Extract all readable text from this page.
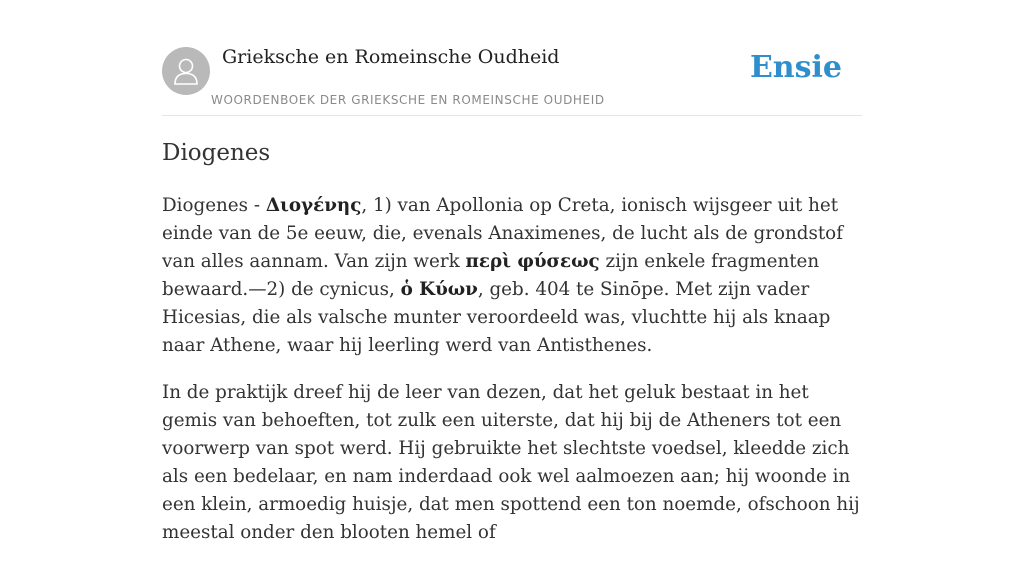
Grieksche en Romeinsche Oudheid
WOORDENBOEK DER GRIEKSCHE EN ROMEINSCHE OUDHEID
Ensie
Diogenes

Diogenes - Διογένης, 1) van Apollonia op Creta, ionisch wijsgeer uit het einde van de 5e eeuw, die, evenals Anaximenes, de lucht als de grondstof van alles aannam. Van zijn werk περὶ φύσεως zijn enkele fragmenten bewaard.—2) de cynicus, ὁ Κύων, geb. 404 te Sinōpe. Met zijn vader Hicesias, die als valsche munter veroordeeld was, vluchtte hij als knaap naar Athene, waar hij leerling werd van Antisthenes.

In de praktijk dreef hij de leer van dezen, dat het geluk bestaat in het gemis van behoeften, tot zulk een uiterste, dat hij bij de Atheners tot een voorwerp van spot werd. Hij gebruikte het slechtste voedsel, kleedde zich als een bedelaar, en nam inderdaad ook wel aalmoezen aan; hij woonde in een klein, armoedig huisje, dat men spottend een ton noemde, ofschoon hij meestal onder den blooten hemel of
